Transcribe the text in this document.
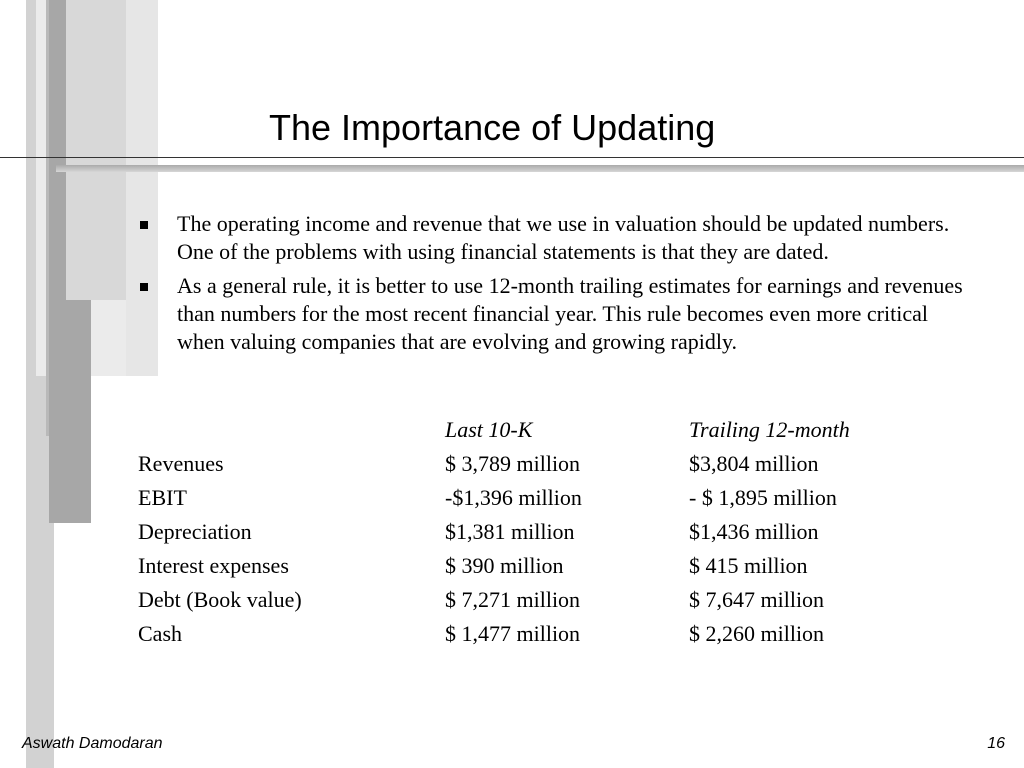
The Importance of Updating
The operating income and revenue that we use in valuation should be updated numbers. One of the problems with using financial statements is that they are dated.
As a general rule, it is better to use 12-month trailing estimates for earnings and revenues than numbers for the most recent financial year. This rule becomes even more critical when valuing companies that are evolving and growing rapidly.
	Last 10-K	Trailing 12-month
Revenues	$ 3,789 million	$3,804 million
EBIT	-$1,396 million	- $ 1,895 million
Depreciation	$1,381 million	$1,436 million
Interest expenses	$ 390 million	$ 415 million
Debt (Book value)	$ 7,271 million	$ 7,647 million
Cash	$ 1,477 million	$ 2,260 million
Aswath Damodaran	16
